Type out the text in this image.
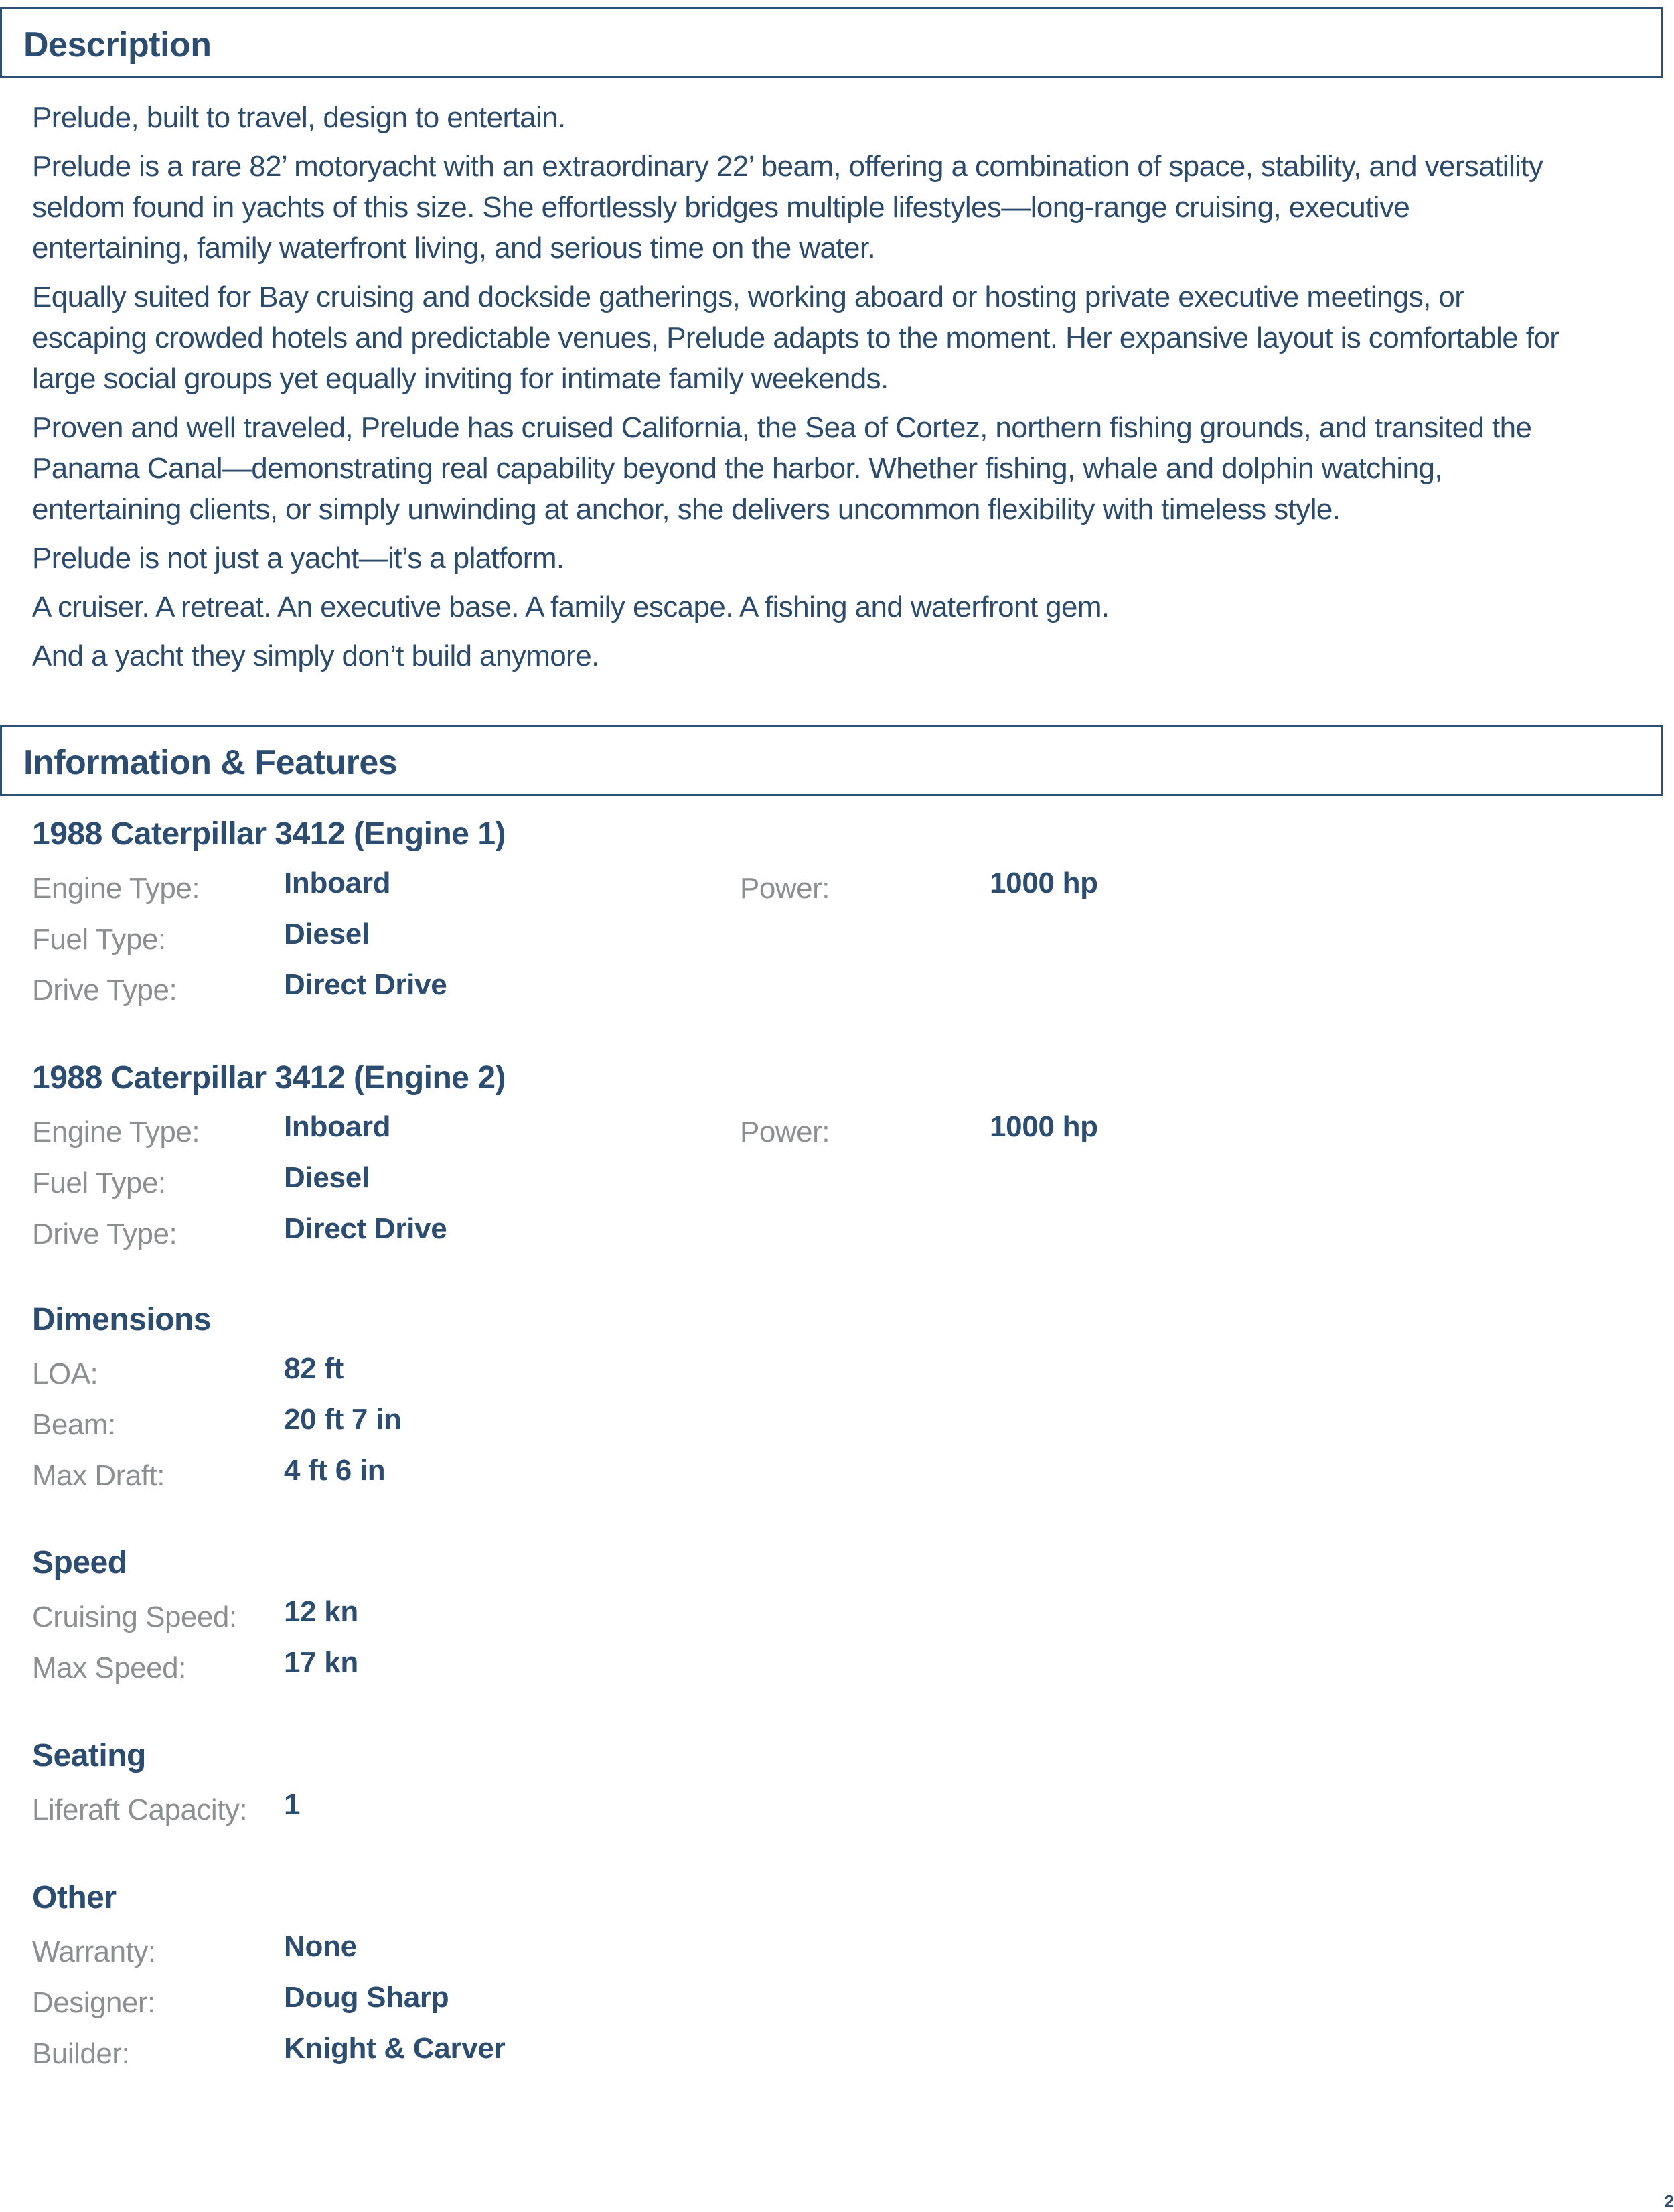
Description
Prelude, built to travel, design to entertain.
Prelude is a rare 82’ motoryacht with an extraordinary 22’ beam, offering a combination of space, stability, and versatility
seldom found in yachts of this size. She effortlessly bridges multiple lifestyles—long-range cruising, executive
entertaining, family waterfront living, and serious time on the water.
Equally suited for Bay cruising and dockside gatherings, working aboard or hosting private executive meetings, or
escaping crowded hotels and predictable venues, Prelude adapts to the moment. Her expansive layout is comfortable for
large social groups yet equally inviting for intimate family weekends.
Proven and well traveled, Prelude has cruised California, the Sea of Cortez, northern fishing grounds, and transited the
Panama Canal—demonstrating real capability beyond the harbor. Whether fishing, whale and dolphin watching,
entertaining clients, or simply unwinding at anchor, she delivers uncommon flexibility with timeless style.
Prelude is not just a yacht—it’s a platform.
A cruiser. A retreat. An executive base. A family escape. A fishing and waterfront gem.
And a yacht they simply don’t build anymore.
Information & Features
1988 Caterpillar 3412 (Engine 1)
Engine Type:	Inboard	Power:	1000 hp
Fuel Type:	Diesel
Drive Type:	Direct Drive
1988 Caterpillar 3412 (Engine 2)
Engine Type:	Inboard	Power:	1000 hp
Fuel Type:	Diesel
Drive Type:	Direct Drive
Dimensions
LOA:	82 ft
Beam:	20 ft 7 in
Max Draft:	4 ft 6 in
Speed
Cruising Speed: 12 kn
Max Speed:	17 kn
Seating
Liferaft Capacity: 1
Other
Warranty:	None
Designer:	Doug Sharp
Builder:	Knight & Carver
2
